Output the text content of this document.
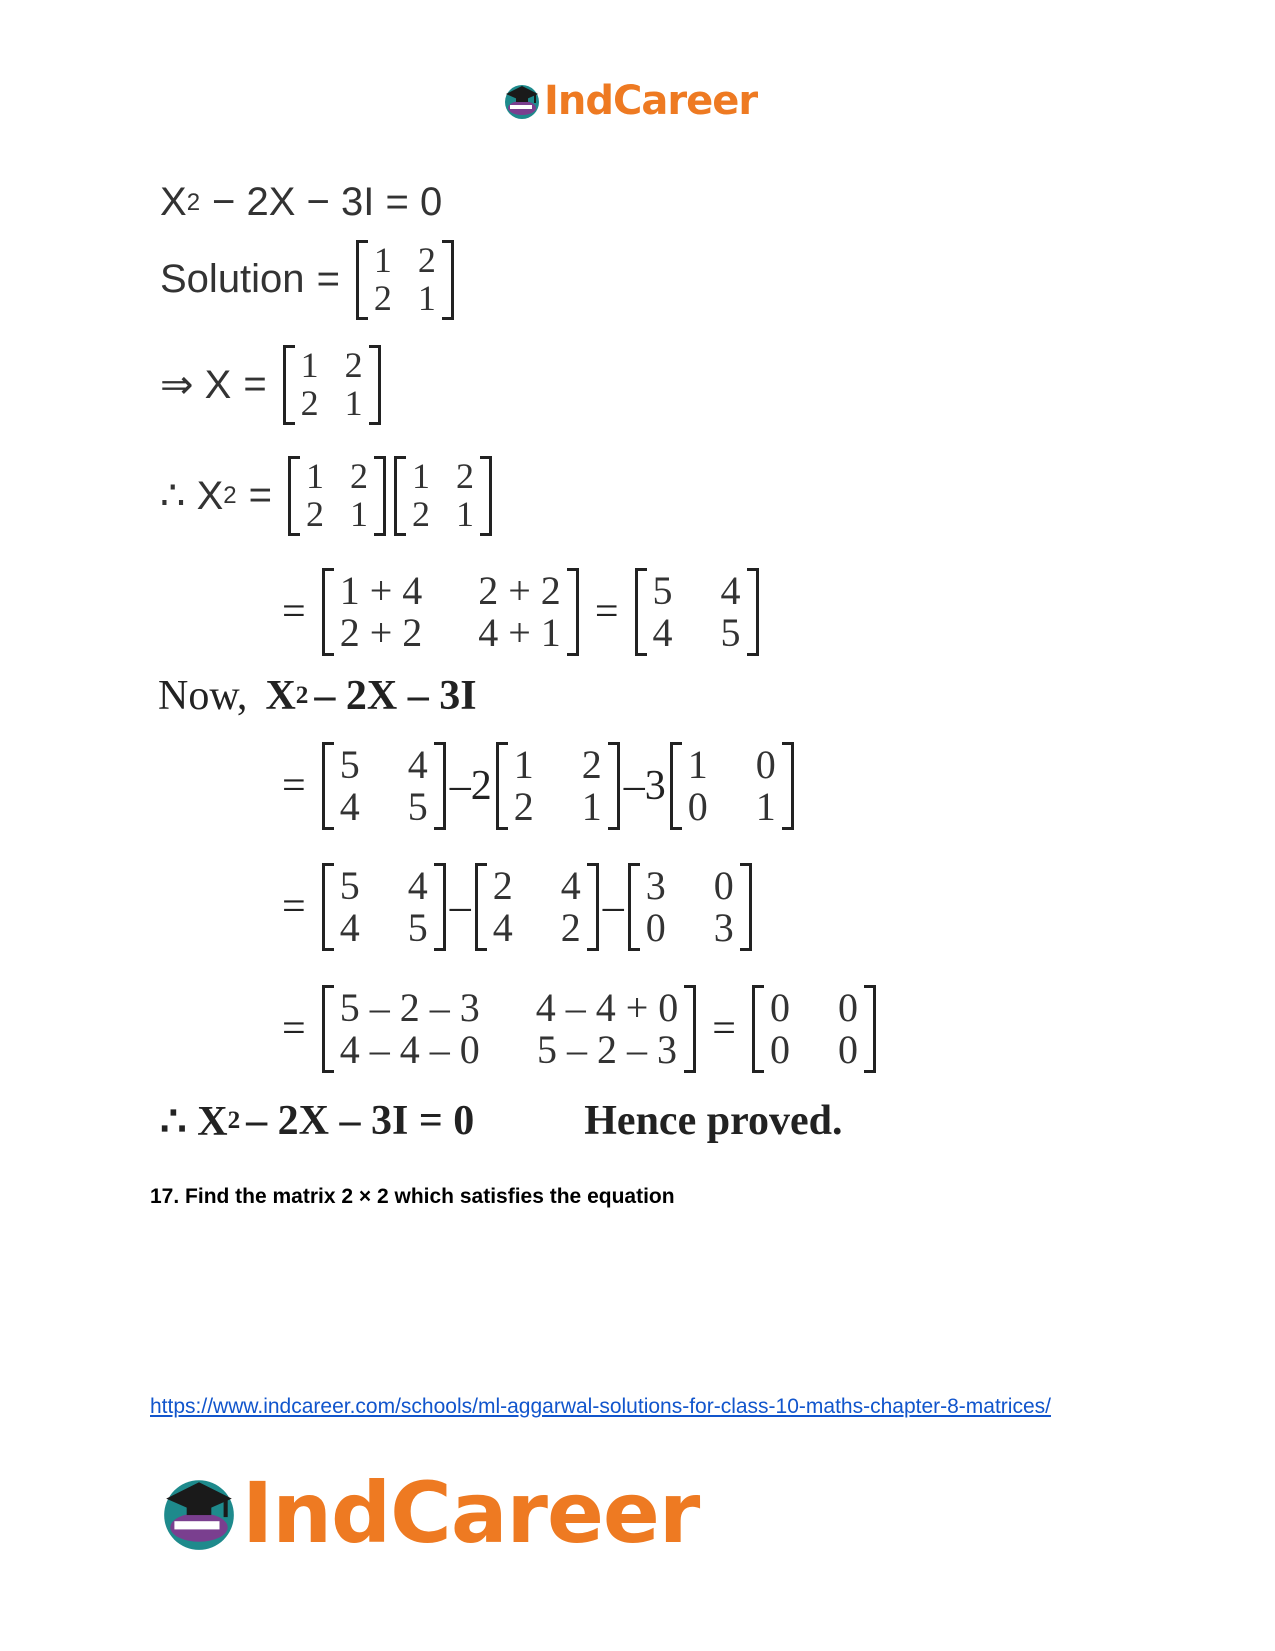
IndCareer
X 2 − 2X − 3I = 0
Solution = 1 2
2 1
⇒ X = 1 2
2 1
∴ X 2 = 1 2
2 1
1 2
2 1
= 1 + 4 2 + 2
2 + 2 4 + 1 = 5 4
4 5
Now, X 2 – 2X – 3I
= 5 4
4 5 – 2 1 2
2 1 – 3 1 0
0 1
= 5 4
4 5 – 2 4
4 2 – 3 0
0 3
= 5 – 2 – 3 4 – 4 + 0
4 – 4 – 0 5 – 2 – 3 = 0 0
0 0
∴ X 2 – 2X – 3I = 0	Hence proved.
17. Find the matrix 2 × 2 which satisfies the equation
https://www.indcareer.com/schools/ml-aggarwal-solutions-for-class-10-maths-chapter-8-matrices/
IndCareer
